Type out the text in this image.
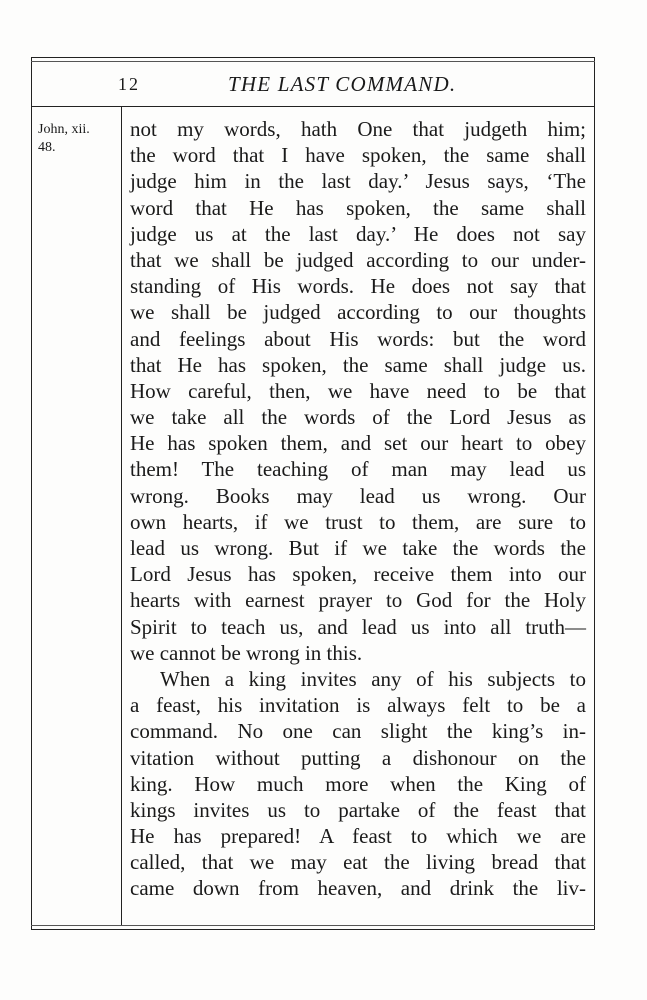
12	THE LAST COMMAND.
John, xii.
48.
not my words, hath One that judgeth him;
the word that I have spoken, the same shall
judge him in the last day.’ Jesus says, ‘The
word that He has spoken, the same shall
judge us at the last day.’ He does not say
that we shall be judged according to our under-
standing of His words. He does not say that
we shall be judged according to our thoughts
and feelings about His words: but the word
that He has spoken, the same shall judge us.
How careful, then, we have need to be that
we take all the words of the Lord Jesus as
He has spoken them, and set our heart to obey
them! The teaching of man may lead us
wrong. Books may lead us wrong. Our
own hearts, if we trust to them, are sure to
lead us wrong. But if we take the words the
Lord Jesus has spoken, receive them into our
hearts with earnest prayer to God for the Holy
Spirit to teach us, and lead us into all truth—
we cannot be wrong in this.
When a king invites any of his subjects to
a feast, his invitation is always felt to be a
command. No one can slight the king’s in-
vitation without putting a dishonour on the
king. How much more when the King of
kings invites us to partake of the feast that
He has prepared! A feast to which we are
called, that we may eat the living bread that
came down from heaven, and drink the liv-
